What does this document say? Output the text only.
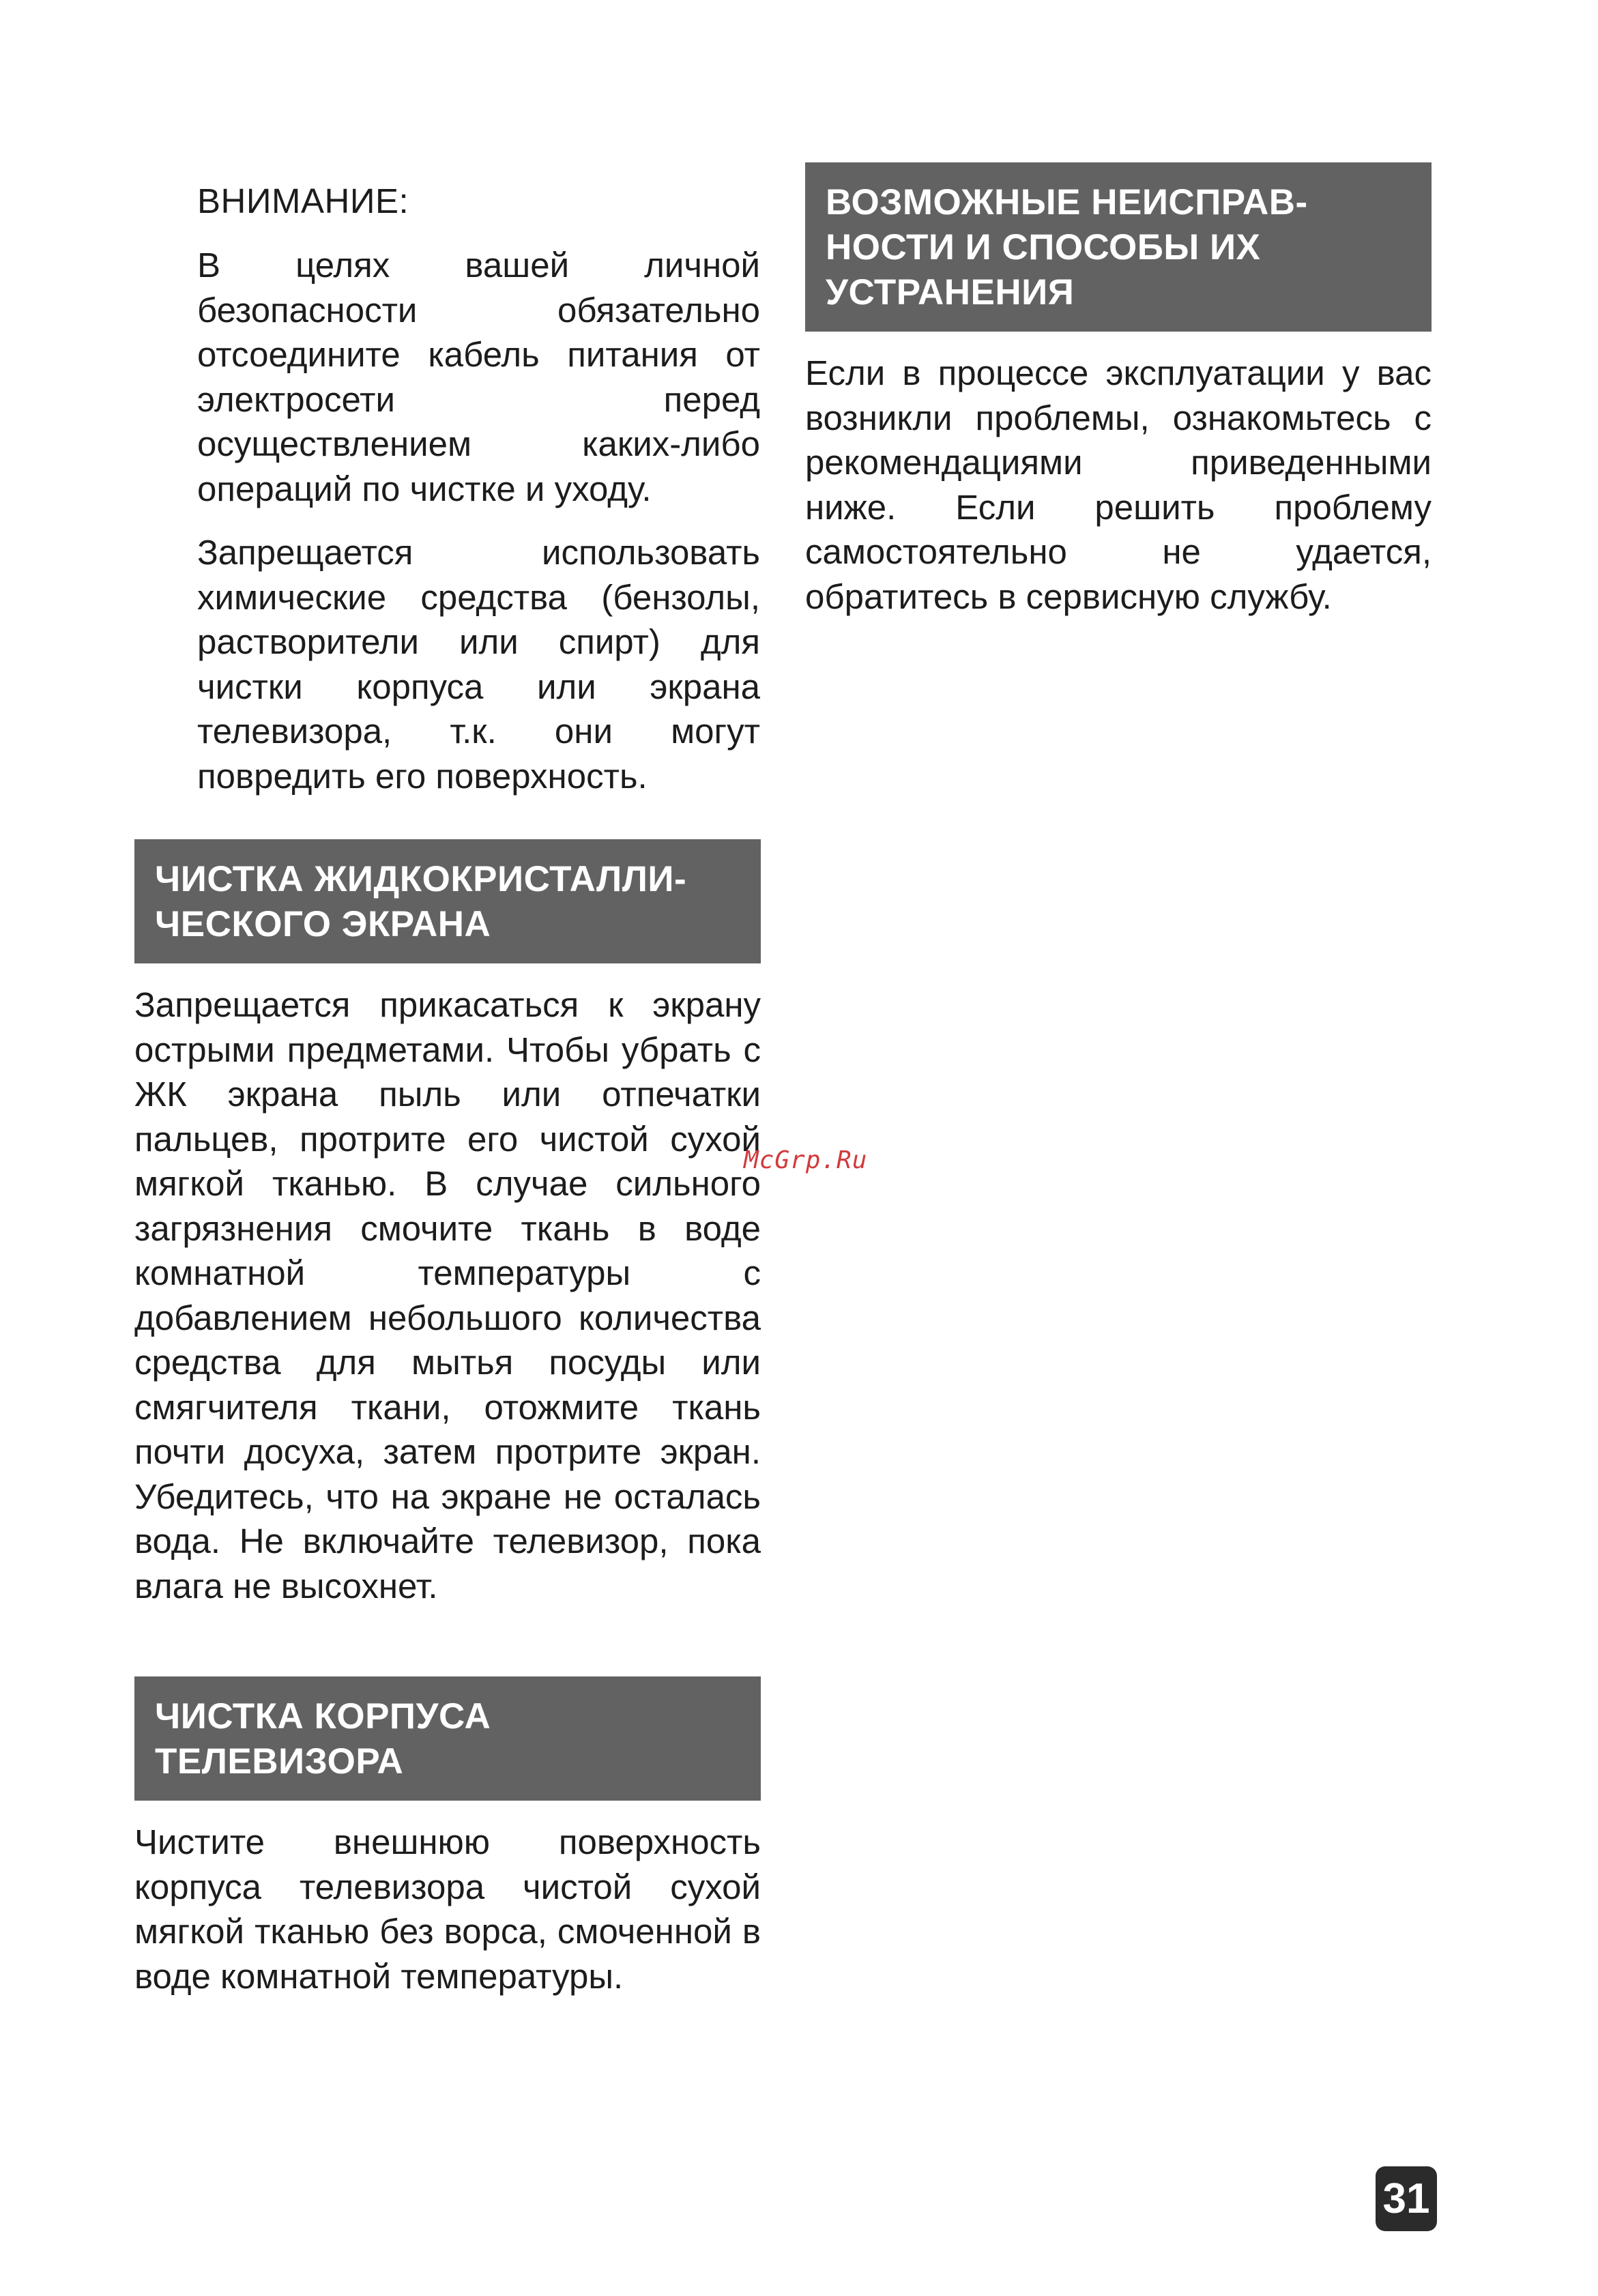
ВНИМАНИЕ:

В целях вашей личной безопасности обязательно отсоедините кабель питания от электросети перед осуществлением каких-либо операций по чистке и уходу.

Запрещается использовать химические средства (бензолы, растворители или спирт) для чистки корпуса или экрана телевизора, т.к. они могут повредить его поверхность.

ЧИСТКА ЖИДКОКРИСТАЛЛИ-
ЧЕСКОГО ЭКРАНА

Запрещается прикасаться к экрану острыми предметами. Чтобы убрать с ЖК экрана пыль или отпечатки пальцев, протрите его чистой сухой мягкой тканью. В случае сильного загрязнения смочите ткань в воде комнатной температуры с добавлением небольшого количества средства для мытья посуды или смягчителя ткани, отожмите ткань почти досуха, затем протрите экран. Убедитесь, что на экране не осталась вода. Не включайте телевизор, пока влага не высохнет.

ЧИСТКА КОРПУСА
ТЕЛЕВИЗОРА

Чистите внешнюю поверхность корпуса телевизора чистой сухой мягкой тканью без ворса, смоченной в воде комнатной температуры.

ВОЗМОЖНЫЕ НЕИСПРАВ-
НОСТИ И СПОСОБЫ ИХ
УСТРАНЕНИЯ

Если в процессе эксплуатации у вас возникли проблемы, ознакомьтесь с рекомендациями приведенными ниже. Если решить проблему самостоятельно не удается, обратитесь в сервисную службу.

McGrp.Ru
31
